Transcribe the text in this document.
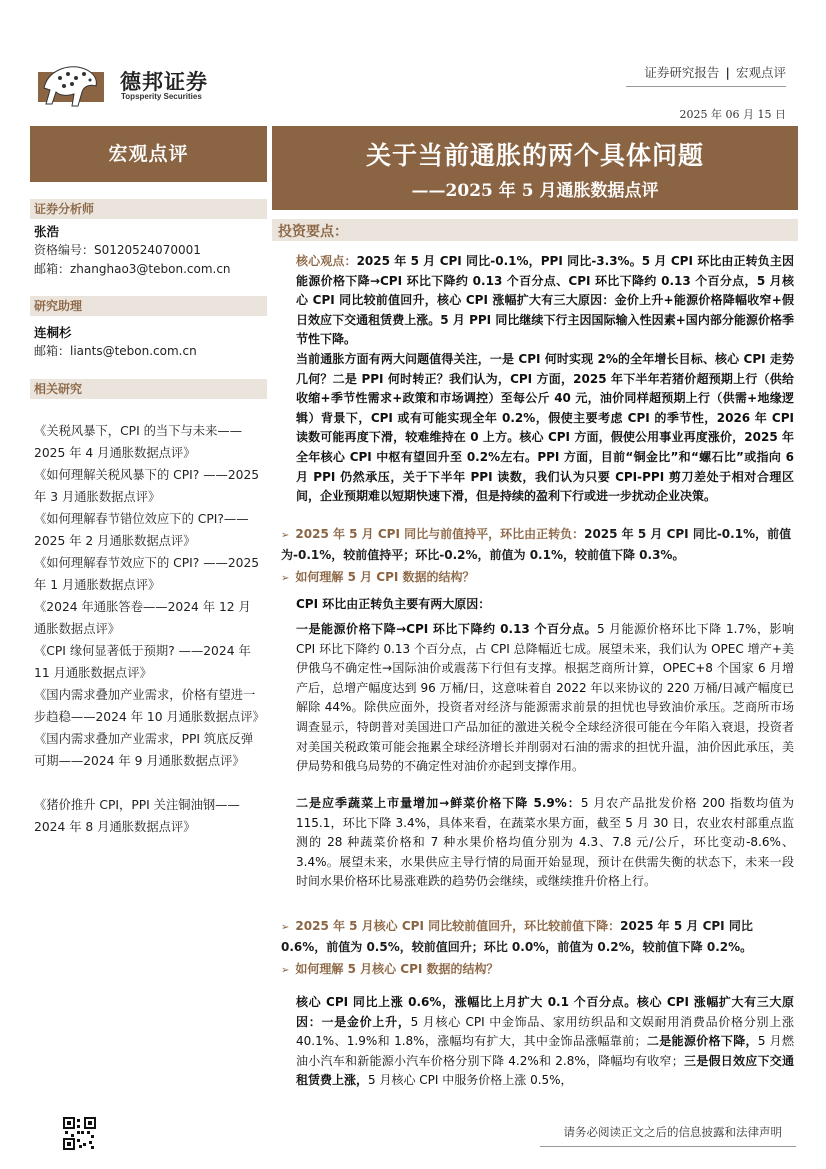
德邦证券
Topsperity Securities
证券研究报告 | 宏观点评
2025 年 06 月 15 日
宏观点评	关于当前通胀的两个具体问题
——2025 年 5 月通胀数据点评
证券分析师
张浩
资格编号：S0120524070001
邮箱：zhanghao3@tebon.com.cn
研究助理
连桐杉
邮箱：liants@tebon.com.cn
相关研究
《关税风暴下，CPI 的当下与未来——2025 年 4 月通胀数据点评》
《如何理解关税风暴下的 CPI? ——2025 年 3 月通胀数据点评》
《如何理解春节错位效应下的 CPI?——2025 年 2 月通胀数据点评》
《如何理解春节效应下的 CPI? ——2025 年 1 月通胀数据点评》
《2024 年通胀答卷——2024 年 12 月通胀数据点评》
《CPI 缘何显著低于预期? ——2024 年 11 月通胀数据点评》
《国内需求叠加产业需求，价格有望进一步趋稳——2024 年 10 月通胀数据点评》
《国内需求叠加产业需求，PPI 筑底反弹可期——2024 年 9 月通胀数据点评》
《猪价推升 CPI，PPI 关注铜油钢——2024 年 8 月通胀数据点评》
投资要点：
核心观点：2025 年 5 月 CPI 同比-0.1%，PPI 同比-3.3%。5 月 CPI 环比由正转负主因能源价格下降→CPI 环比下降约 0.13 个百分点、CPI 环比下降约 0.13 个百分点，5 月核心 CPI 同比较前值回升，核心 CPI 涨幅扩大有三大原因：金价上升+能源价格降幅收窄+假日效应下交通租赁费上涨。5 月 PPI 同比继续下行主因国际输入性因素+国内部分能源价格季节性下降。
当前通胀方面有两大问题值得关注，一是 CPI 何时实现 2%的全年增长目标、核心 CPI 走势几何？二是 PPI 何时转正？我们认为，CPI 方面，2025 年下半年若猪价超预期上行（供给收缩+季节性需求+政策和市场调控）至每公斤 40 元，油价同样超预期上行（供需+地缘逻辑）背景下，CPI 或有可能实现全年 0.2%，假使主要考虑 CPI 的季节性，2026 年 CPI 读数可能再度下滑，较难维持在 0 上方。核心 CPI 方面，假使公用事业再度涨价，2025 年全年核心 CPI 中枢有望回升至 0.2%左右。PPI 方面，目前“铜金比”和“螺石比”或指向 6 月 PPI 仍然承压，关于下半年 PPI 读数，我们认为只要 CPI-PPI 剪刀差处于相对合理区间，企业预期难以短期快速下滑，但是持续的盈利下行或进一步扰动企业决策。
➢ 2025 年 5 月 CPI 同比与前值持平，环比由正转负：2025 年 5 月 CPI 同比-0.1%，前值为-0.1%，较前值持平；环比-0.2%，前值为 0.1%，较前值下降 0.3%。
➢ 如何理解 5 月 CPI 数据的结构？
CPI 环比由正转负主要有两大原因：
一是能源价格下降→CPI 环比下降约 0.13 个百分点。5 月能源价格环比下降 1.7%，影响 CPI 环比下降约 0.13 个百分点，占 CPI 总降幅近七成。展望未来，我们认为 OPEC 增产+美伊俄乌不确定性→国际油价或震荡下行但有支撑。根据芝商所计算，OPEC+8 个国家 6 月增产后，总增产幅度达到 96 万桶/日，这意味着自 2022 年以来协议的 220 万桶/日减产幅度已解除 44%。除供应面外，投资者对经济与能源需求前景的担忧也导致油价承压。芝商所市场调查显示，特朗普对美国进口产品加征的激进关税令全球经济很可能在今年陷入衰退，投资者对美国关税政策可能会拖累全球经济增长并削弱对石油的需求的担忧升温，油价因此承压，美伊局势和俄乌局势的不确定性对油价亦起到支撑作用。
二是应季蔬菜上市量增加→鲜菜价格下降 5.9%：5 月农产品批发价格 200 指数均值为 115.1，环比下降 3.4%，具体来看，在蔬菜水果方面，截至 5 月 30 日，农业农村部重点监测的 28 种蔬菜价格和 7 种水果价格均值分别为 4.3、7.8 元/公斤，环比变动-8.6%、3.4%。展望未来，水果供应主导行情的局面开始显现，预计在供需失衡的状态下，未来一段时间水果价格环比易涨难跌的趋势仍会继续，或继续推升价格上行。
➢ 2025 年 5 月核心 CPI 同比较前值回升，环比较前值下降：2025 年 5 月 CPI 同比 0.6%，前值为 0.5%，较前值回升；环比 0.0%，前值为 0.2%，较前值下降 0.2%。
➢ 如何理解 5 月核心 CPI 数据的结构？
核心 CPI 同比上涨 0.6%，涨幅比上月扩大 0.1 个百分点。核心 CPI 涨幅扩大有三大原因：一是金价上升，5 月核心 CPI 中金饰品、家用纺织品和文娱耐用消费品价格分别上涨 40.1%、1.9%和 1.8%，涨幅均有扩大，其中金饰品涨幅靠前；二是能源价格下降，5 月燃油小汽车和新能源小汽车价格分别下降 4.2%和 2.8%，降幅均有收窄；三是假日效应下交通租赁费上涨，5 月核心 CPI 中服务价格上涨 0.5%，
请务必阅读正文之后的信息披露和法律声明
